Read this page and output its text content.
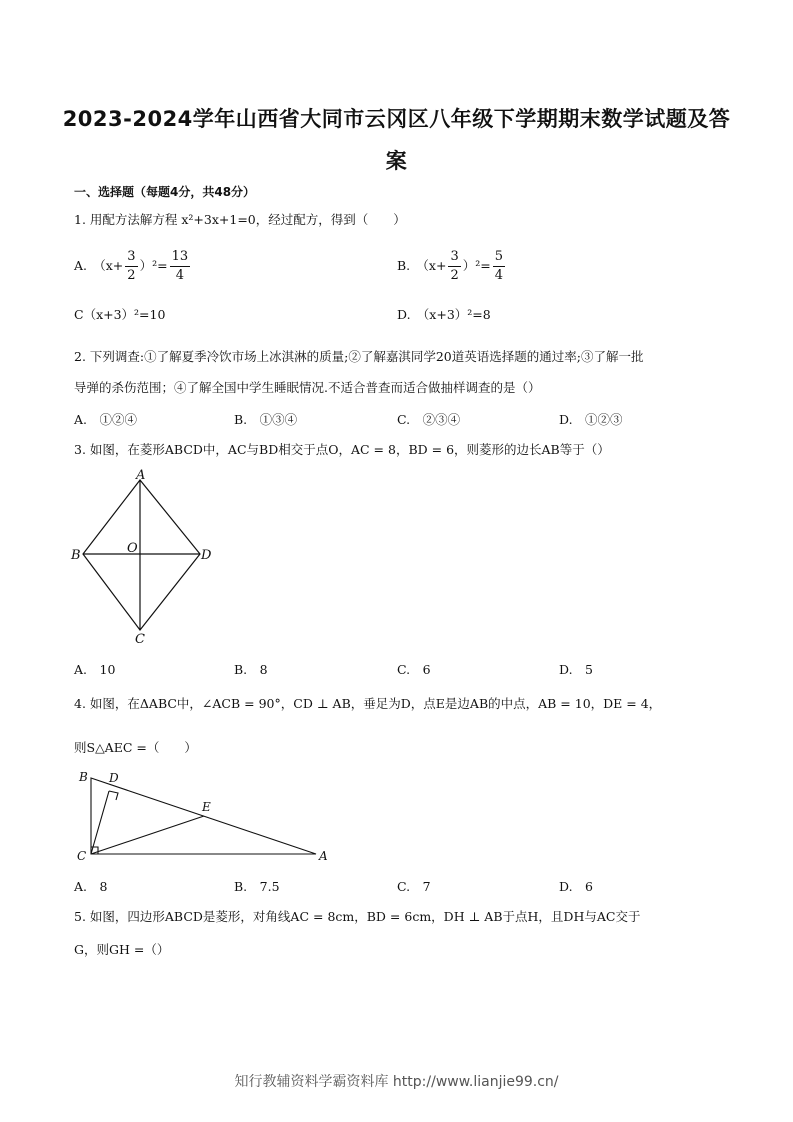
2023-2024学年山西省大同市云冈区八年级下学期期末数学试题及答
案
一、选择题（每题4分，共48分）
1. 用配方法解方程 x²+3x+1=0，经过配方，得到（　　）
A.　$(x+ \frac{3}{2} )^2= \frac{13}{4}$	B.　$(x+ \frac{3}{2} )^2= \frac{5}{4}$
C（x+3）²=10	D.　（x+3）²=8
2. 下列调查:①了解夏季冷饮市场上冰淇淋的质量;②了解嘉淇同学20道英语选择题的通过率;③了解一批
导弹的杀伤范围；④了解全国中学生睡眠情况.不适合普查而适合做抽样调查的是（）
A.　①②④	B.　①③④	C.　②③④	D.　①②③
3. 如图，在菱形ABCD中，AC与BD相交于点O，AC = 8，BD = 6，则菱形的边长AB等于（）
A
B
C
D
O
A.　10	B.　8	C.　6	D.　5
4. 如图，在ΔABC中，∠ACB = 90°，CD ⊥ AB，垂足为D，点E是边AB的中点，AB = 10，DE = 4，
则S△AEC =（　　）
B D
E
C	A
A.　8	B.　7.5	C.　7	D.　6
5. 如图，四边形ABCD是菱形，对角线AC = 8cm，BD = 6cm，DH ⊥ AB于点H，且DH与AC交于
G，则GH =（）
知行教辅资料学霸资料库 http://www.lianjie99.cn/
